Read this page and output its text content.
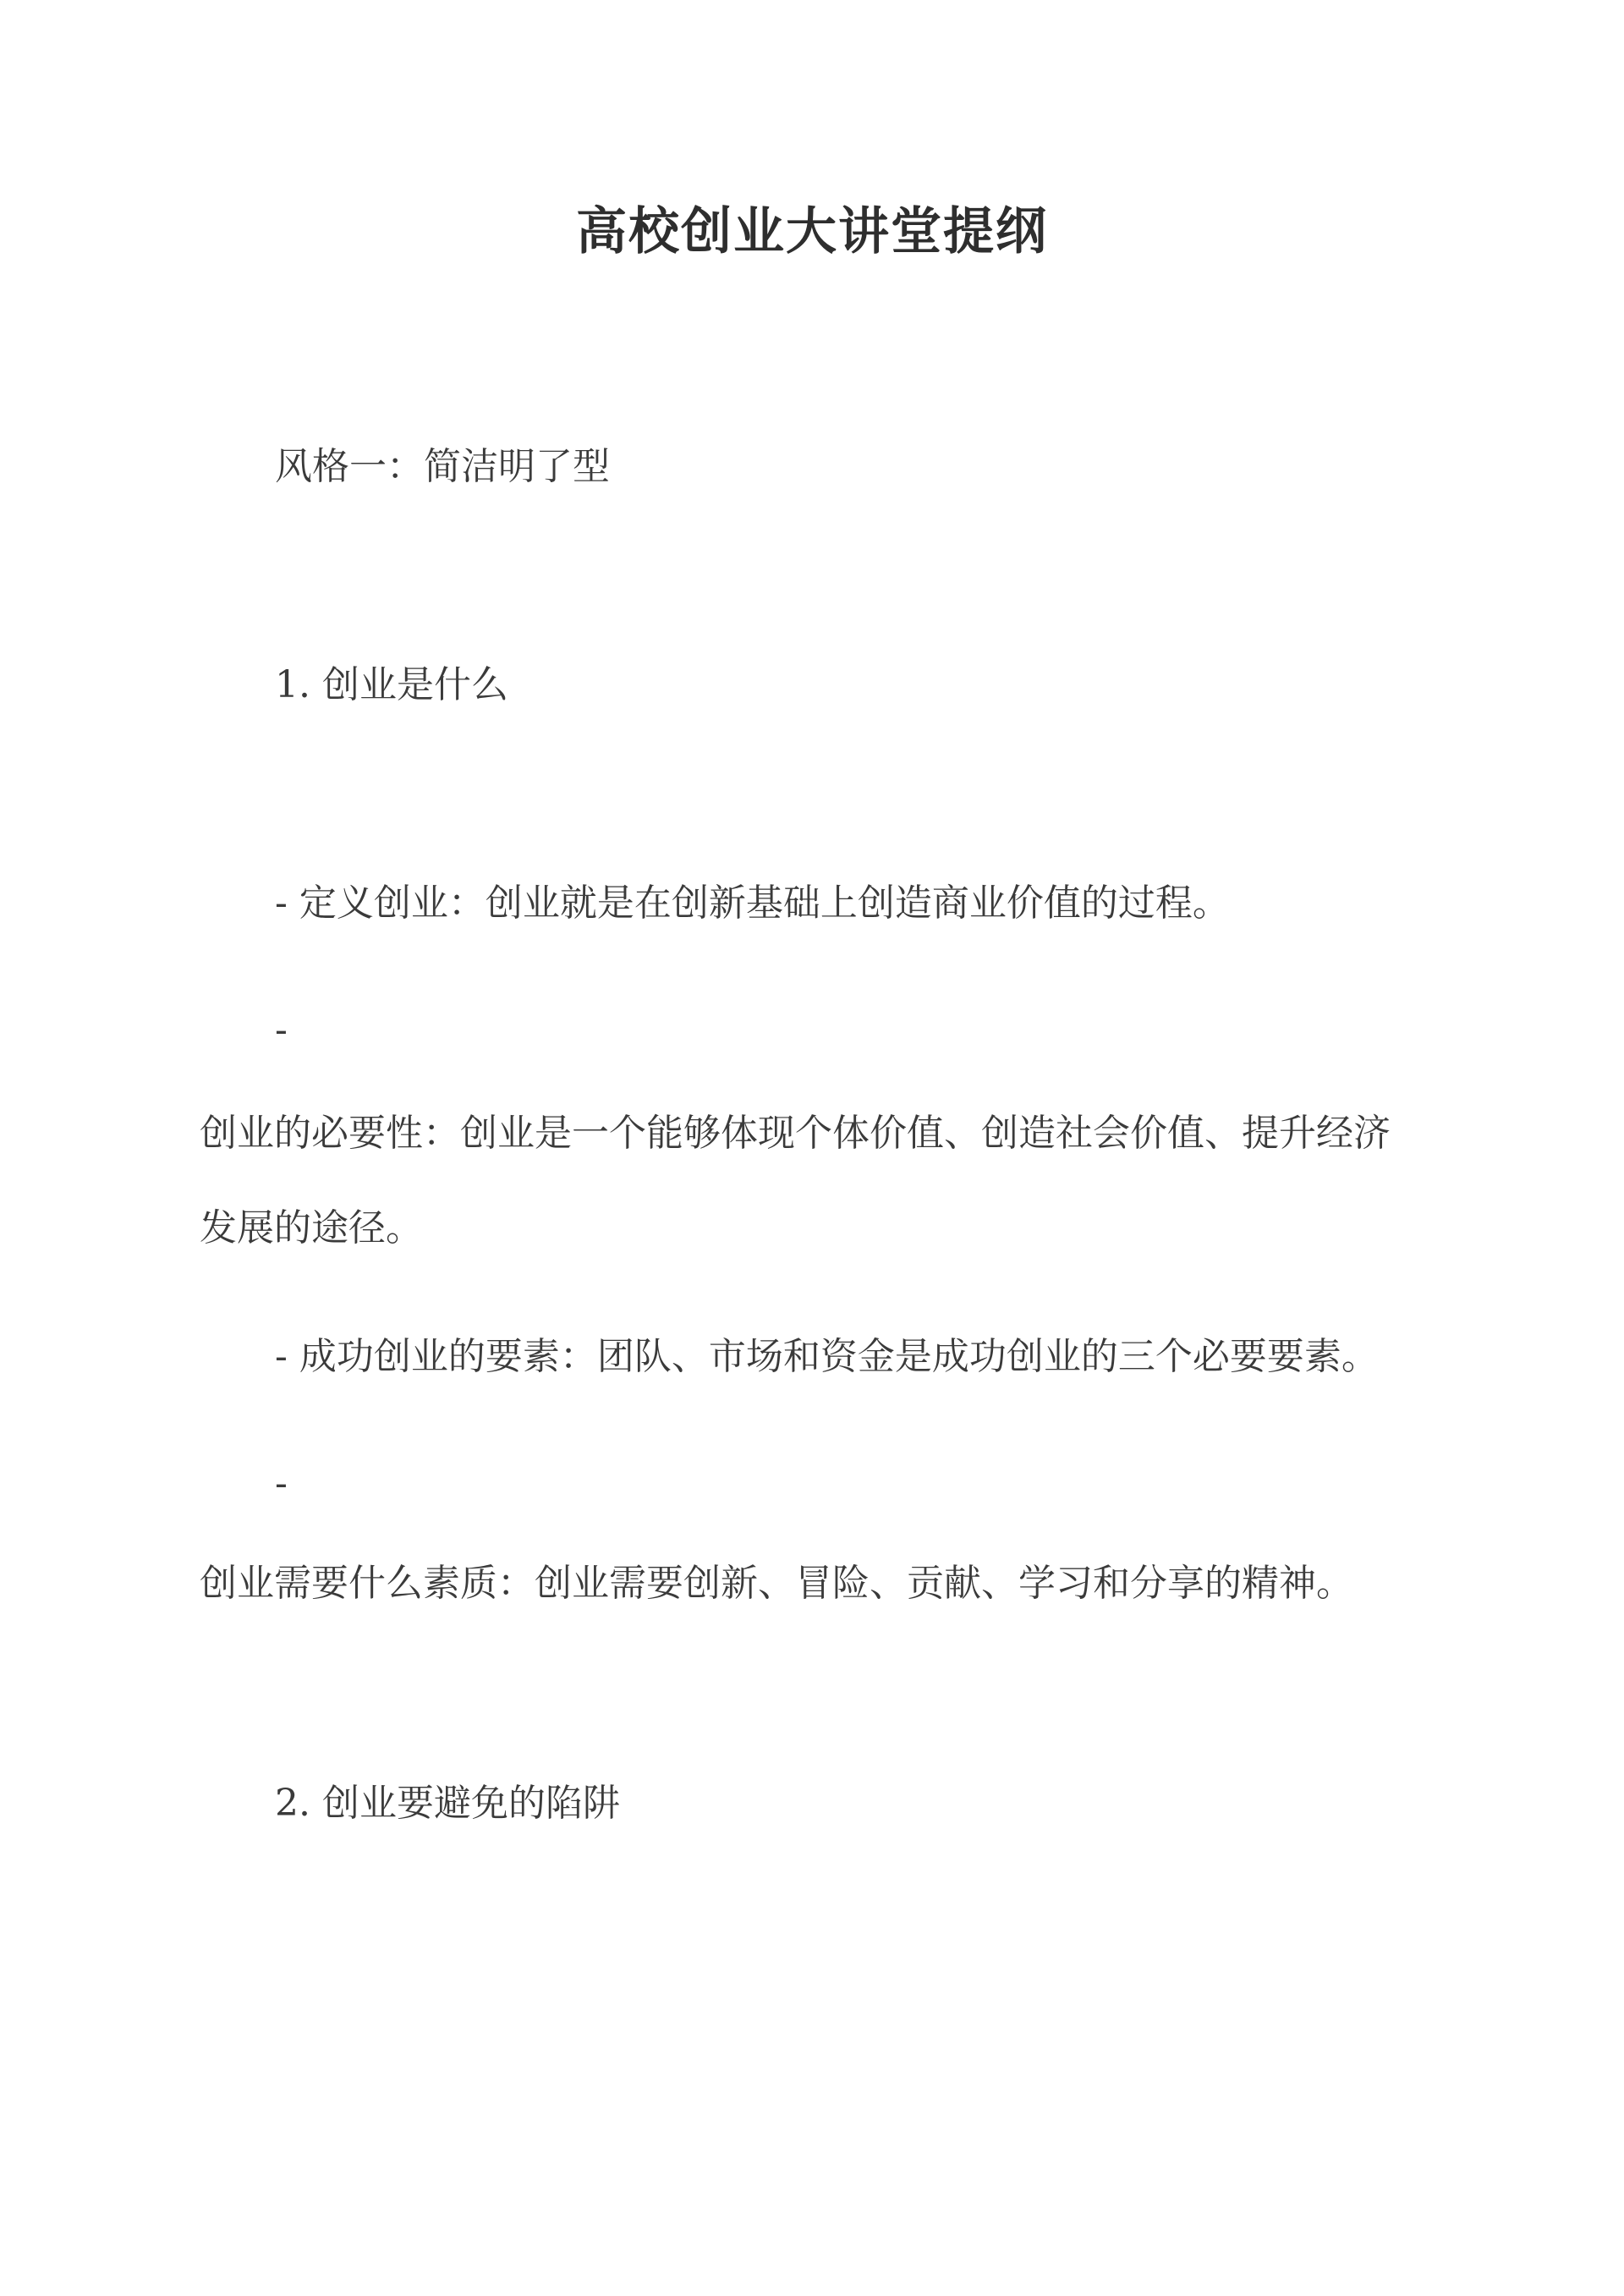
高校创业大讲堂提纲
风格一：简洁明了型
1. 创业是什么
- 定义创业：创业就是在创新基础上创造商业价值的过程。
-
创业的必要性：创业是一个能够体现个体价值、创造社会价值、提升经济
发展的途径。
- 成功创业的要素：团队、市场和资金是成功创业的三个必要要素。
-
创业需要什么素质：创业需要创新、冒险、贡献、学习和分享的精神。
2. 创业要避免的陷阱
